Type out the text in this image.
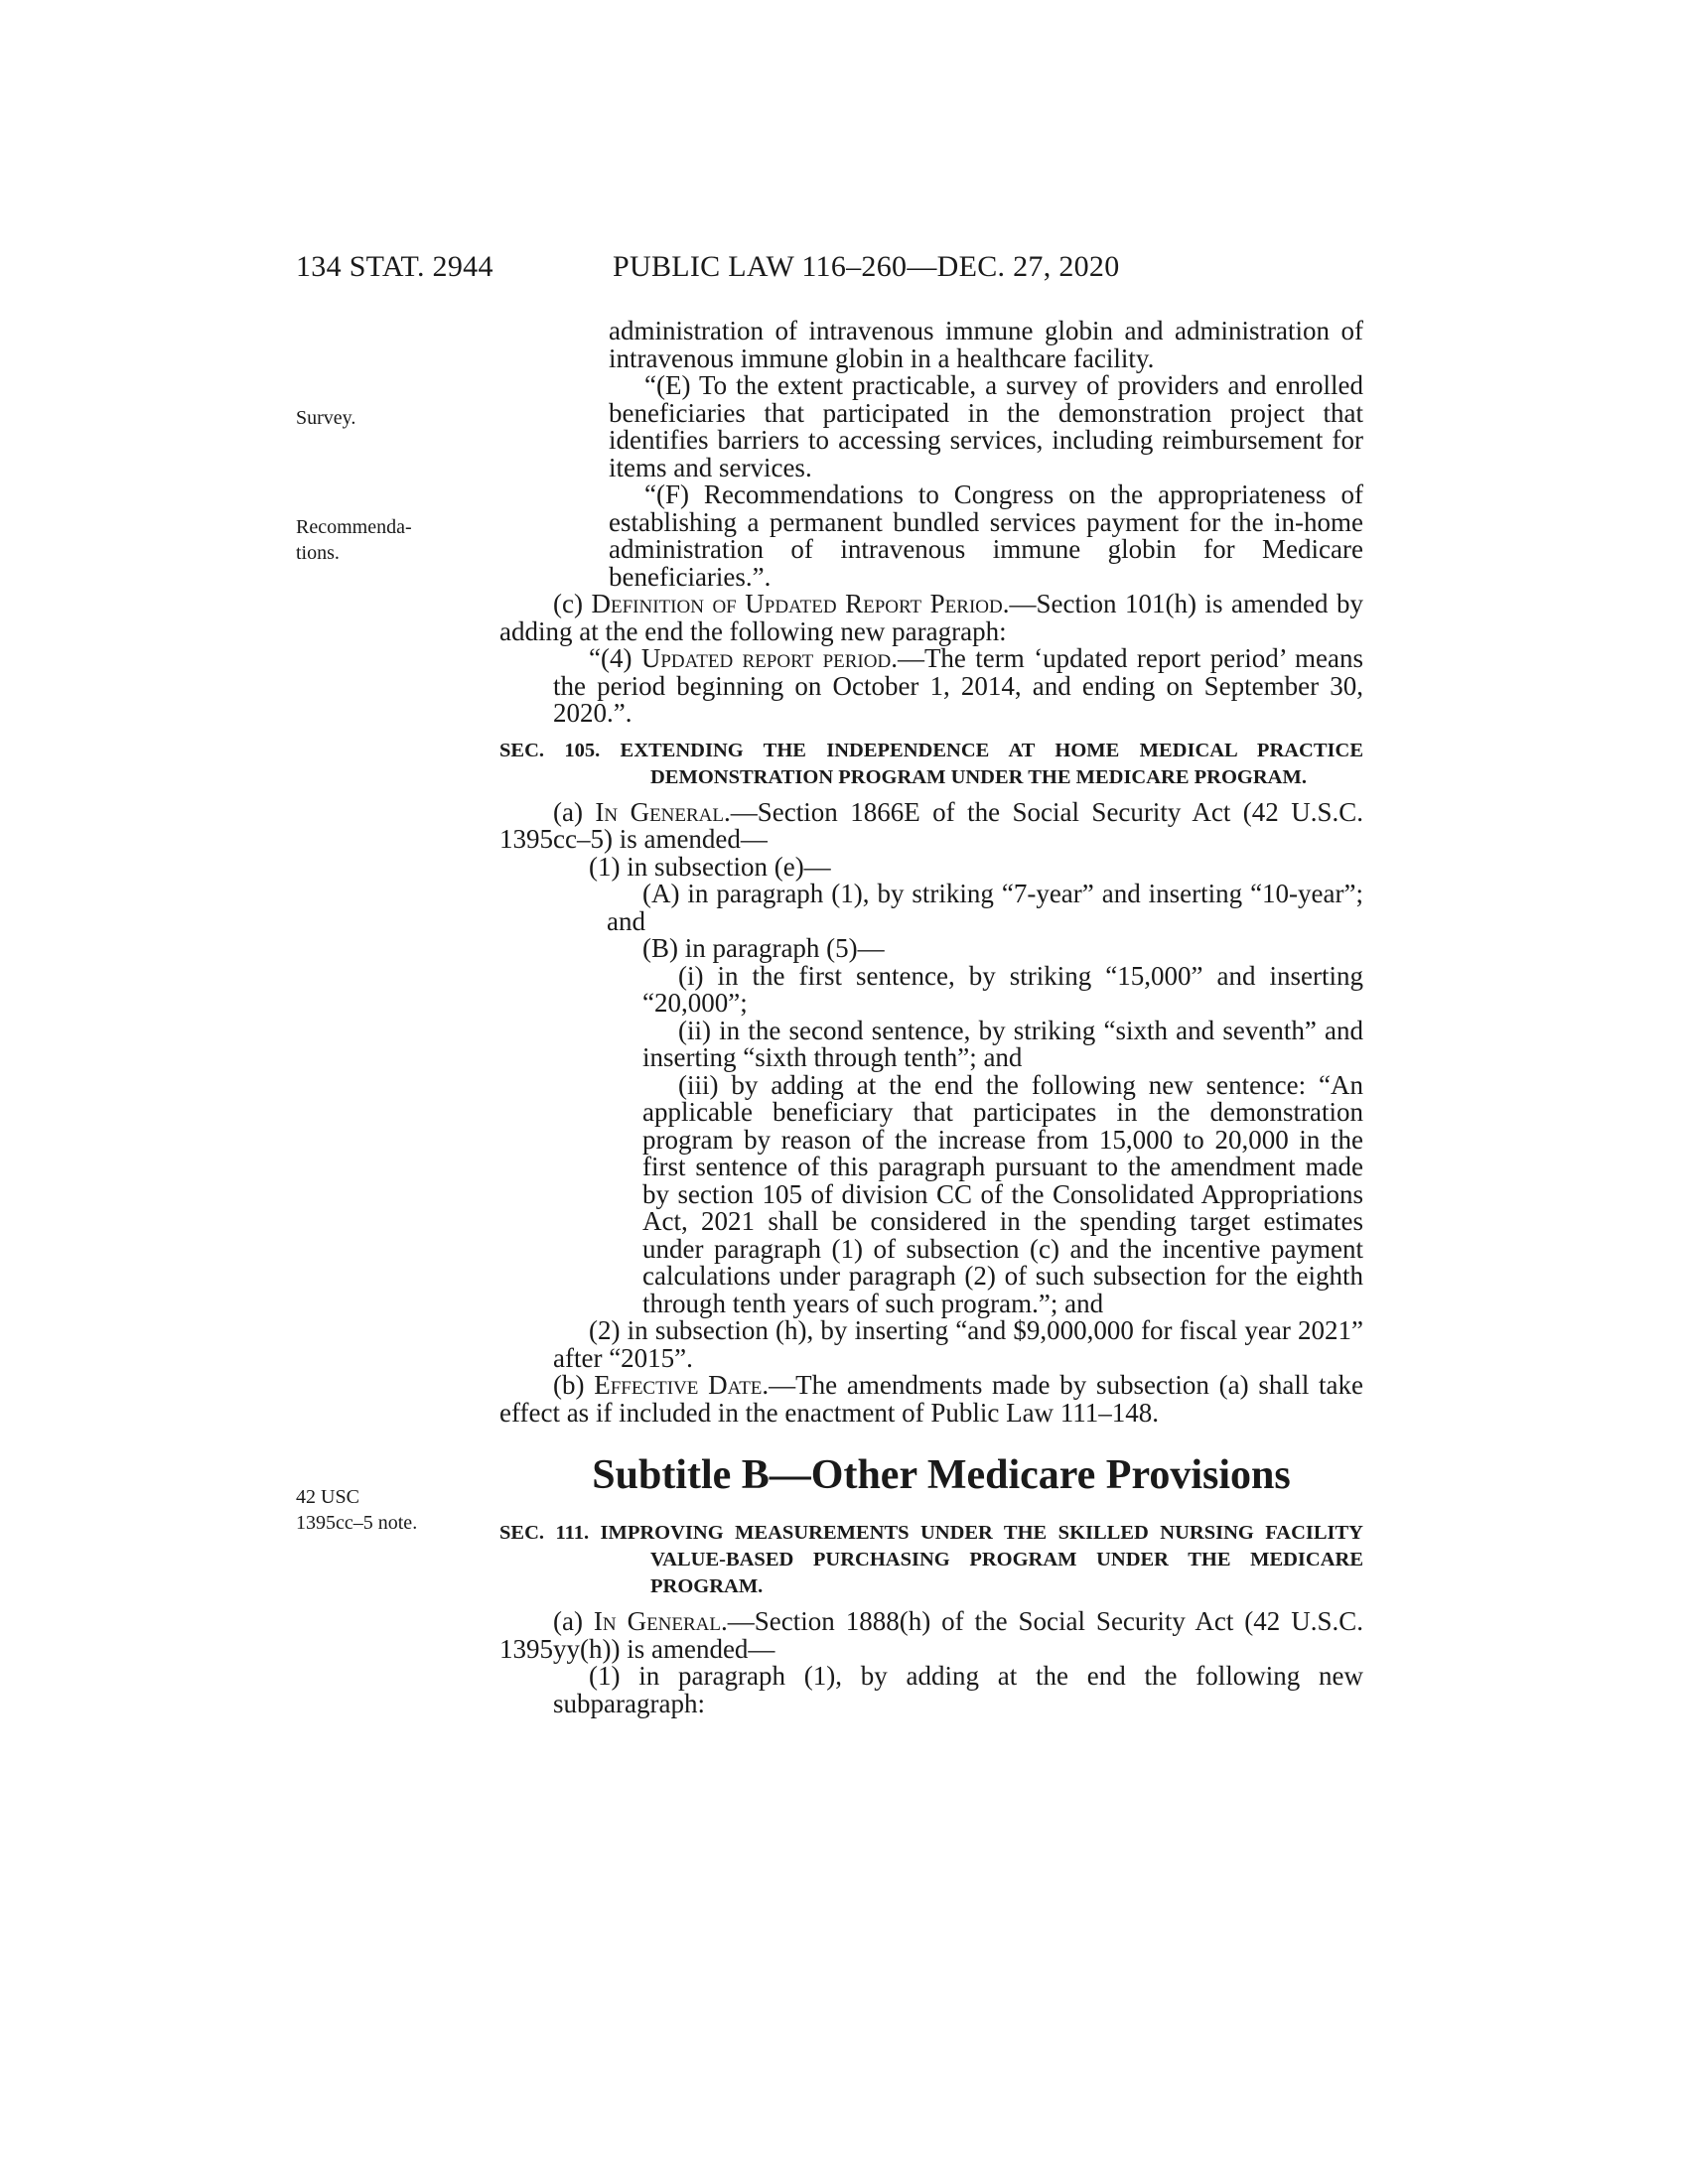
134 STAT. 2944	PUBLIC LAW 116–260—DEC. 27, 2020
Survey.
Recommenda-
tions.
42 USC
1395cc–5 note.

administration of intravenous immune globin and administration of intravenous immune globin in a healthcare facility.

“(E) To the extent practicable, a survey of providers and enrolled beneficiaries that participated in the demonstration project that identifies barriers to accessing services, including reimbursement for items and services.

“(F) Recommendations to Congress on the appropriateness of establishing a permanent bundled services payment for the in-home administration of intravenous immune globin for Medicare beneficiaries.”.

(c) Definition of Updated Report Period.—Section 101(h) is amended by adding at the end the following new paragraph:

“(4) Updated report period.—The term ‘updated report period’ means the period beginning on October 1, 2014, and ending on September 30, 2020.”.

SEC. 105. EXTENDING THE INDEPENDENCE AT HOME MEDICAL PRACTICE DEMONSTRATION PROGRAM UNDER THE MEDICARE PROGRAM.

(a) In General.—Section 1866E of the Social Security Act (42 U.S.C. 1395cc–5) is amended—

(1) in subsection (e)—

(A) in paragraph (1), by striking “7-year” and inserting “10-year”; and

(B) in paragraph (5)—

(i) in the first sentence, by striking “15,000” and inserting “20,000”;

(ii) in the second sentence, by striking “sixth and seventh” and inserting “sixth through tenth”; and

(iii) by adding at the end the following new sentence: “An applicable beneficiary that participates in the demonstration program by reason of the increase from 15,000 to 20,000 in the first sentence of this paragraph pursuant to the amendment made by section 105 of division CC of the Consolidated Appropriations Act, 2021 shall be considered in the spending target estimates under paragraph (1) of subsection (c) and the incentive payment calculations under paragraph (2) of such subsection for the eighth through tenth years of such program.”; and

(2) in subsection (h), by inserting “and $9,000,000 for fiscal year 2021” after “2015”.

(b) Effective Date.—The amendments made by subsection (a) shall take effect as if included in the enactment of Public Law 111–148.

Subtitle B—Other Medicare Provisions

SEC. 111. IMPROVING MEASUREMENTS UNDER THE SKILLED NURSING FACILITY VALUE-BASED PURCHASING PROGRAM UNDER THE MEDICARE PROGRAM.

(a) In General.—Section 1888(h) of the Social Security Act (42 U.S.C. 1395yy(h)) is amended—

(1) in paragraph (1), by adding at the end the following new subparagraph:
